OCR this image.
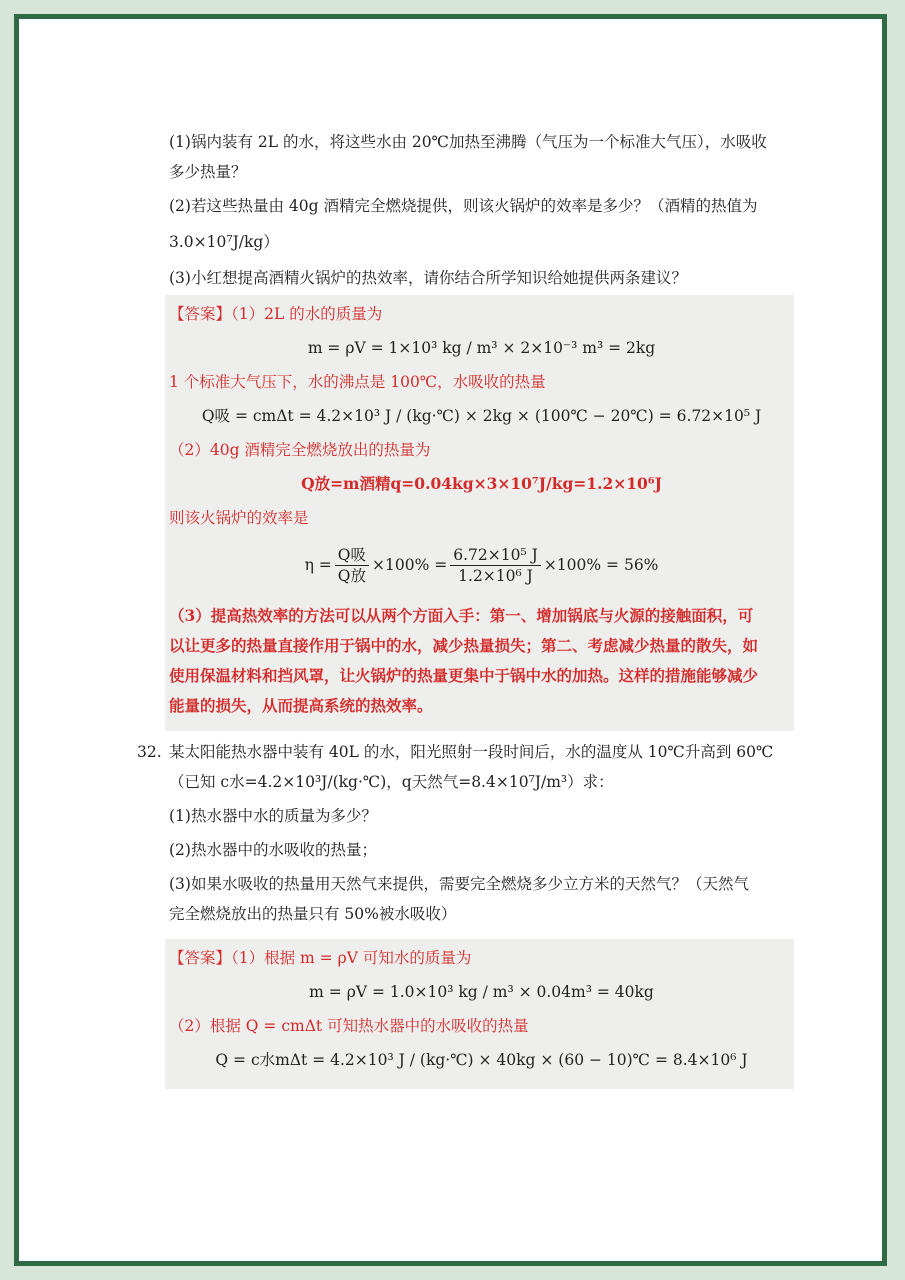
(1)锅内装有 2L 的水，将这些水由 20℃加热至沸腾（气压为一个标准大气压），水吸收
多少热量？
(2)若这些热量由 40g 酒精完全燃烧提供，则该火锅炉的效率是多少？（酒精的热值为
3.0×10⁷J/kg）
(3)小红想提高酒精火锅炉的热效率，请你结合所学知识给她提供两条建议？
【答案】（1）2L 的水的质量为
m = ρV = 1×10³ kg / m³ × 2×10⁻³ m³ = 2kg
1 个标准大气压下，水的沸点是 100℃，水吸收的热量
Q吸 = cmΔt = 4.2×10³ J / (kg·℃) × 2kg × (100℃ − 20℃) = 6.72×10⁵ J
（2）40g 酒精完全燃烧放出的热量为
Q放=m酒精q=0.04kg×3×10⁷J/kg=1.2×10⁶J
则该火锅炉的效率是
$\eta = \frac{\text{Q吸}}{\text{Q放}} \times 100\% = \frac{\text{6.72×10⁵ J}}{\text{1.2×10⁶ J}} \times 100\% = 56\%$
（3）提高热效率的方法可以从两个方面入手：第一、增加锅底与火源的接触面积，可
以让更多的热量直接作用于锅中的水，减少热量损失；第二、考虑减少热量的散失，如
使用保温材料和挡风罩，让火锅炉的热量更集中于锅中水的加热。这样的措施能够减少
能量的损失，从而提高系统的热效率。
32. 某太阳能热水器中装有 40L 的水，阳光照射一段时间后，水的温度从 10℃升高到 60℃
（已知 c水=4.2×10³J/(kg·℃)，q天然气=8.4×10⁷J/m³）求：
(1)热水器中水的质量为多少？
(2)热水器中的水吸收的热量；
(3)如果水吸收的热量用天然气来提供，需要完全燃烧多少立方米的天然气？（天然气
完全燃烧放出的热量只有 50%被水吸收）
【答案】（1）根据 m = ρV 可知水的质量为
m = ρV = 1.0×10³ kg / m³ × 0.04m³ = 40kg
（2）根据 Q = cmΔt 可知热水器中的水吸收的热量
Q = c水mΔt = 4.2×10³ J / (kg·℃) × 40kg × (60 − 10)℃ = 8.4×10⁶ J
